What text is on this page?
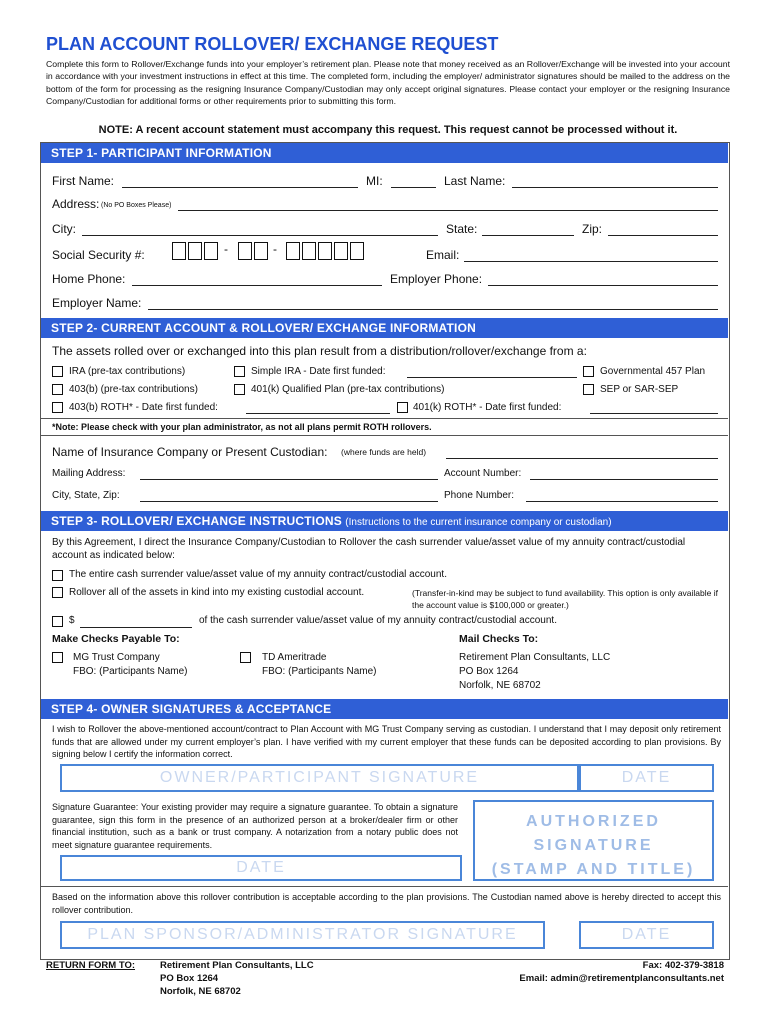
PLAN ACCOUNT ROLLOVER/ EXCHANGE REQUEST
Complete this form to Rollover/Exchange funds into your employer’s retirement plan. Please note that money received as an Rollover/Exchange will be invested into your account in accordance with your investment instructions in effect at this time. The completed form, including the employer/ administrator signatures should be mailed to the address on the bottom of the form for processing as the resigning Insurance Company/Custodian may only accept original signatures. Please contact your employer or the resigning Insurance Company/Custodian for additional forms or other requirements prior to submitting this form.
NOTE: A recent account statement must accompany this request. This request cannot be processed without it.
STEP 1- PARTICIPANT INFORMATION
First Name:	MI:	Last Name:
Address: (No PO Boxes Please)
City:	State:	Zip:
Social Security #:	-	-	Email:
Home Phone:	Employer Phone:
Employer Name:
STEP 2- CURRENT ACCOUNT & ROLLOVER/ EXCHANGE INFORMATION
The assets rolled over or exchanged into this plan result from a distribution/rollover/exchange from a:
IRA (pre-tax contributions)	Simple IRA - Date first funded:	Governmental 457 Plan
403(b) (pre-tax contributions)	401(k) Qualified Plan (pre-tax contributions)	SEP or SAR-SEP
403(b) ROTH* - Date first funded:	401(k) ROTH* - Date first funded:
*Note: Please check with your plan administrator, as not all plans permit ROTH rollovers.
Name of Insurance Company or Present Custodian: (where funds are held)
Mailing Address:	Account Number:
City, State, Zip:	Phone Number:
STEP 3- ROLLOVER/ EXCHANGE INSTRUCTIONS (Instructions to the current insurance company or custodian)
By this Agreement, I direct the Insurance Company/Custodian to Rollover the cash surrender value/asset value of my annuity contract/custodial account as indicated below:
The entire cash surrender value/asset value of my annuity contract/custodial account.
Rollover all of the assets in kind into my existing custodial account.	(Transfer-in-kind may be subject to fund availability. This option is only available if the account value is $100,000 or greater.)
$	of the cash surrender value/asset value of my annuity contract/custodial account.
Make Checks Payable To:
MG Trust Company
FBO: (Participants Name)
TD Ameritrade
FBO: (Participants Name)
Mail Checks To:
Retirement Plan Consultants, LLC
PO Box 1264
Norfolk, NE 68702
STEP 4- OWNER SIGNATURES & ACCEPTANCE
I wish to Rollover the above-mentioned account/contract to Plan Account with MG Trust Company serving as custodian. I understand that I may deposit only retirement funds that are allowed under my current employer’s plan. I have verified with my current employer that these funds can be deposited according to plan provisions. By signing below I certify the information correct.
OWNER/PARTICIPANT SIGNATURE	DATE
Signature Guarantee: Your existing provider may require a signature guarantee. To obtain a signature guarantee, sign this form in the presence of an authorized person at a broker/dealer firm or other financial institution, such as a bank or trust company. A notarization from a notary public does not meet signature guarantee requirements.
DATE
AUTHORIZED
SIGNATURE
(STAMP AND TITLE)
Based on the information above this rollover contribution is acceptable according to the plan provisions. The Custodian named above is hereby directed to accept this rollover contribution.
PLAN SPONSOR/ADMINISTRATOR SIGNATURE	DATE
RETURN FORM TO:	Retirement Plan Consultants, LLC
PO Box 1264
Norfolk, NE 68702
Fax: 402-379-3818
Email: admin@retirementplanconsultants.net
